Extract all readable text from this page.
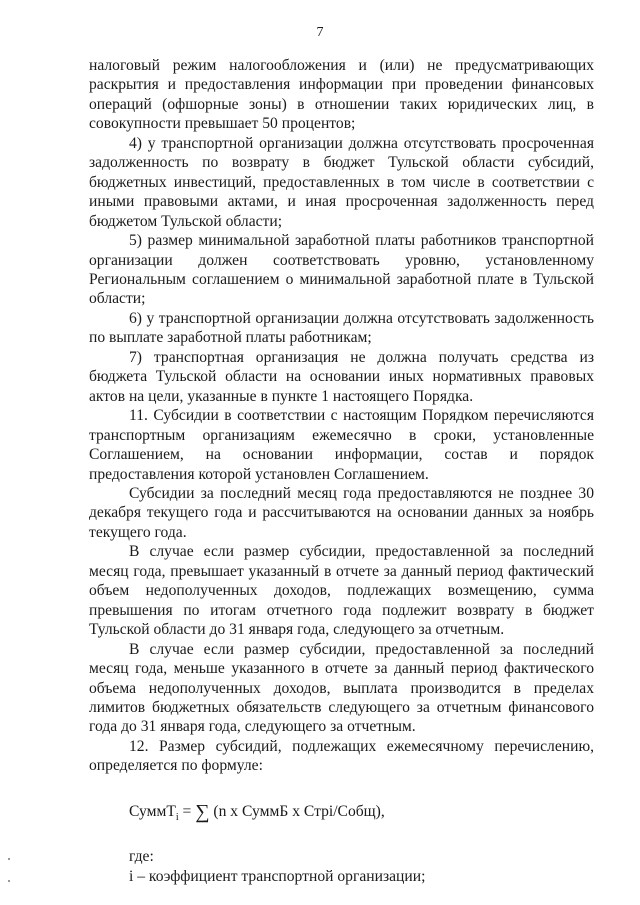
7

налоговый режим налогообложения и (или) не предусматривающих раскрытия и предоставления информации при проведении финансовых операций (офшорные зоны) в отношении таких юридических лиц, в совокупности превышает 50 процентов;

4) у транспортной организации должна отсутствовать просроченная задолженность по возврату в бюджет Тульской области субсидий, бюджетных инвестиций, предоставленных в том числе в соответствии с иными правовыми актами, и иная просроченная задолженность перед бюджетом Тульской области;

5) размер минимальной заработной платы работников транспортной организации должен соответствовать уровню, установленному Региональным соглашением о минимальной заработной плате в Тульской области;

6) у транспортной организации должна отсутствовать задолженность по выплате заработной платы работникам;

7) транспортная организация не должна получать средства из бюджета Тульской области на основании иных нормативных правовых актов на цели, указанные в пункте 1 настоящего Порядка.

11. Субсидии в соответствии с настоящим Порядком перечисляются транспортным организациям ежемесячно в сроки, установленные Соглашением, на основании информации, состав и порядок предоставления которой установлен Соглашением.

Субсидии за последний месяц года предоставляются не позднее 30 декабря текущего года и рассчитываются на основании данных за ноябрь текущего года.

В случае если размер субсидии, предоставленной за последний месяц года, превышает указанный в отчете за данный период фактический объем недополученных доходов, подлежащих возмещению, сумма превышения по итогам отчетного года подлежит возврату в бюджет Тульской области до 31 января года, следующего за отчетным.

В случае если размер субсидии, предоставленной за последний месяц года, меньше указанного в отчете за данный период фактического объема недополученных доходов, выплата производится в пределах лимитов бюджетных обязательств следующего за отчетным финансового года до 31 января года, следующего за отчетным.

12. Размер субсидий, подлежащих ежемесячному перечислению, определяется по формуле:

СуммТ$_i$ = ∑ (n x СуммБ x Стрi/Собщ),

где:

i – коэффициент транспортной организации;
